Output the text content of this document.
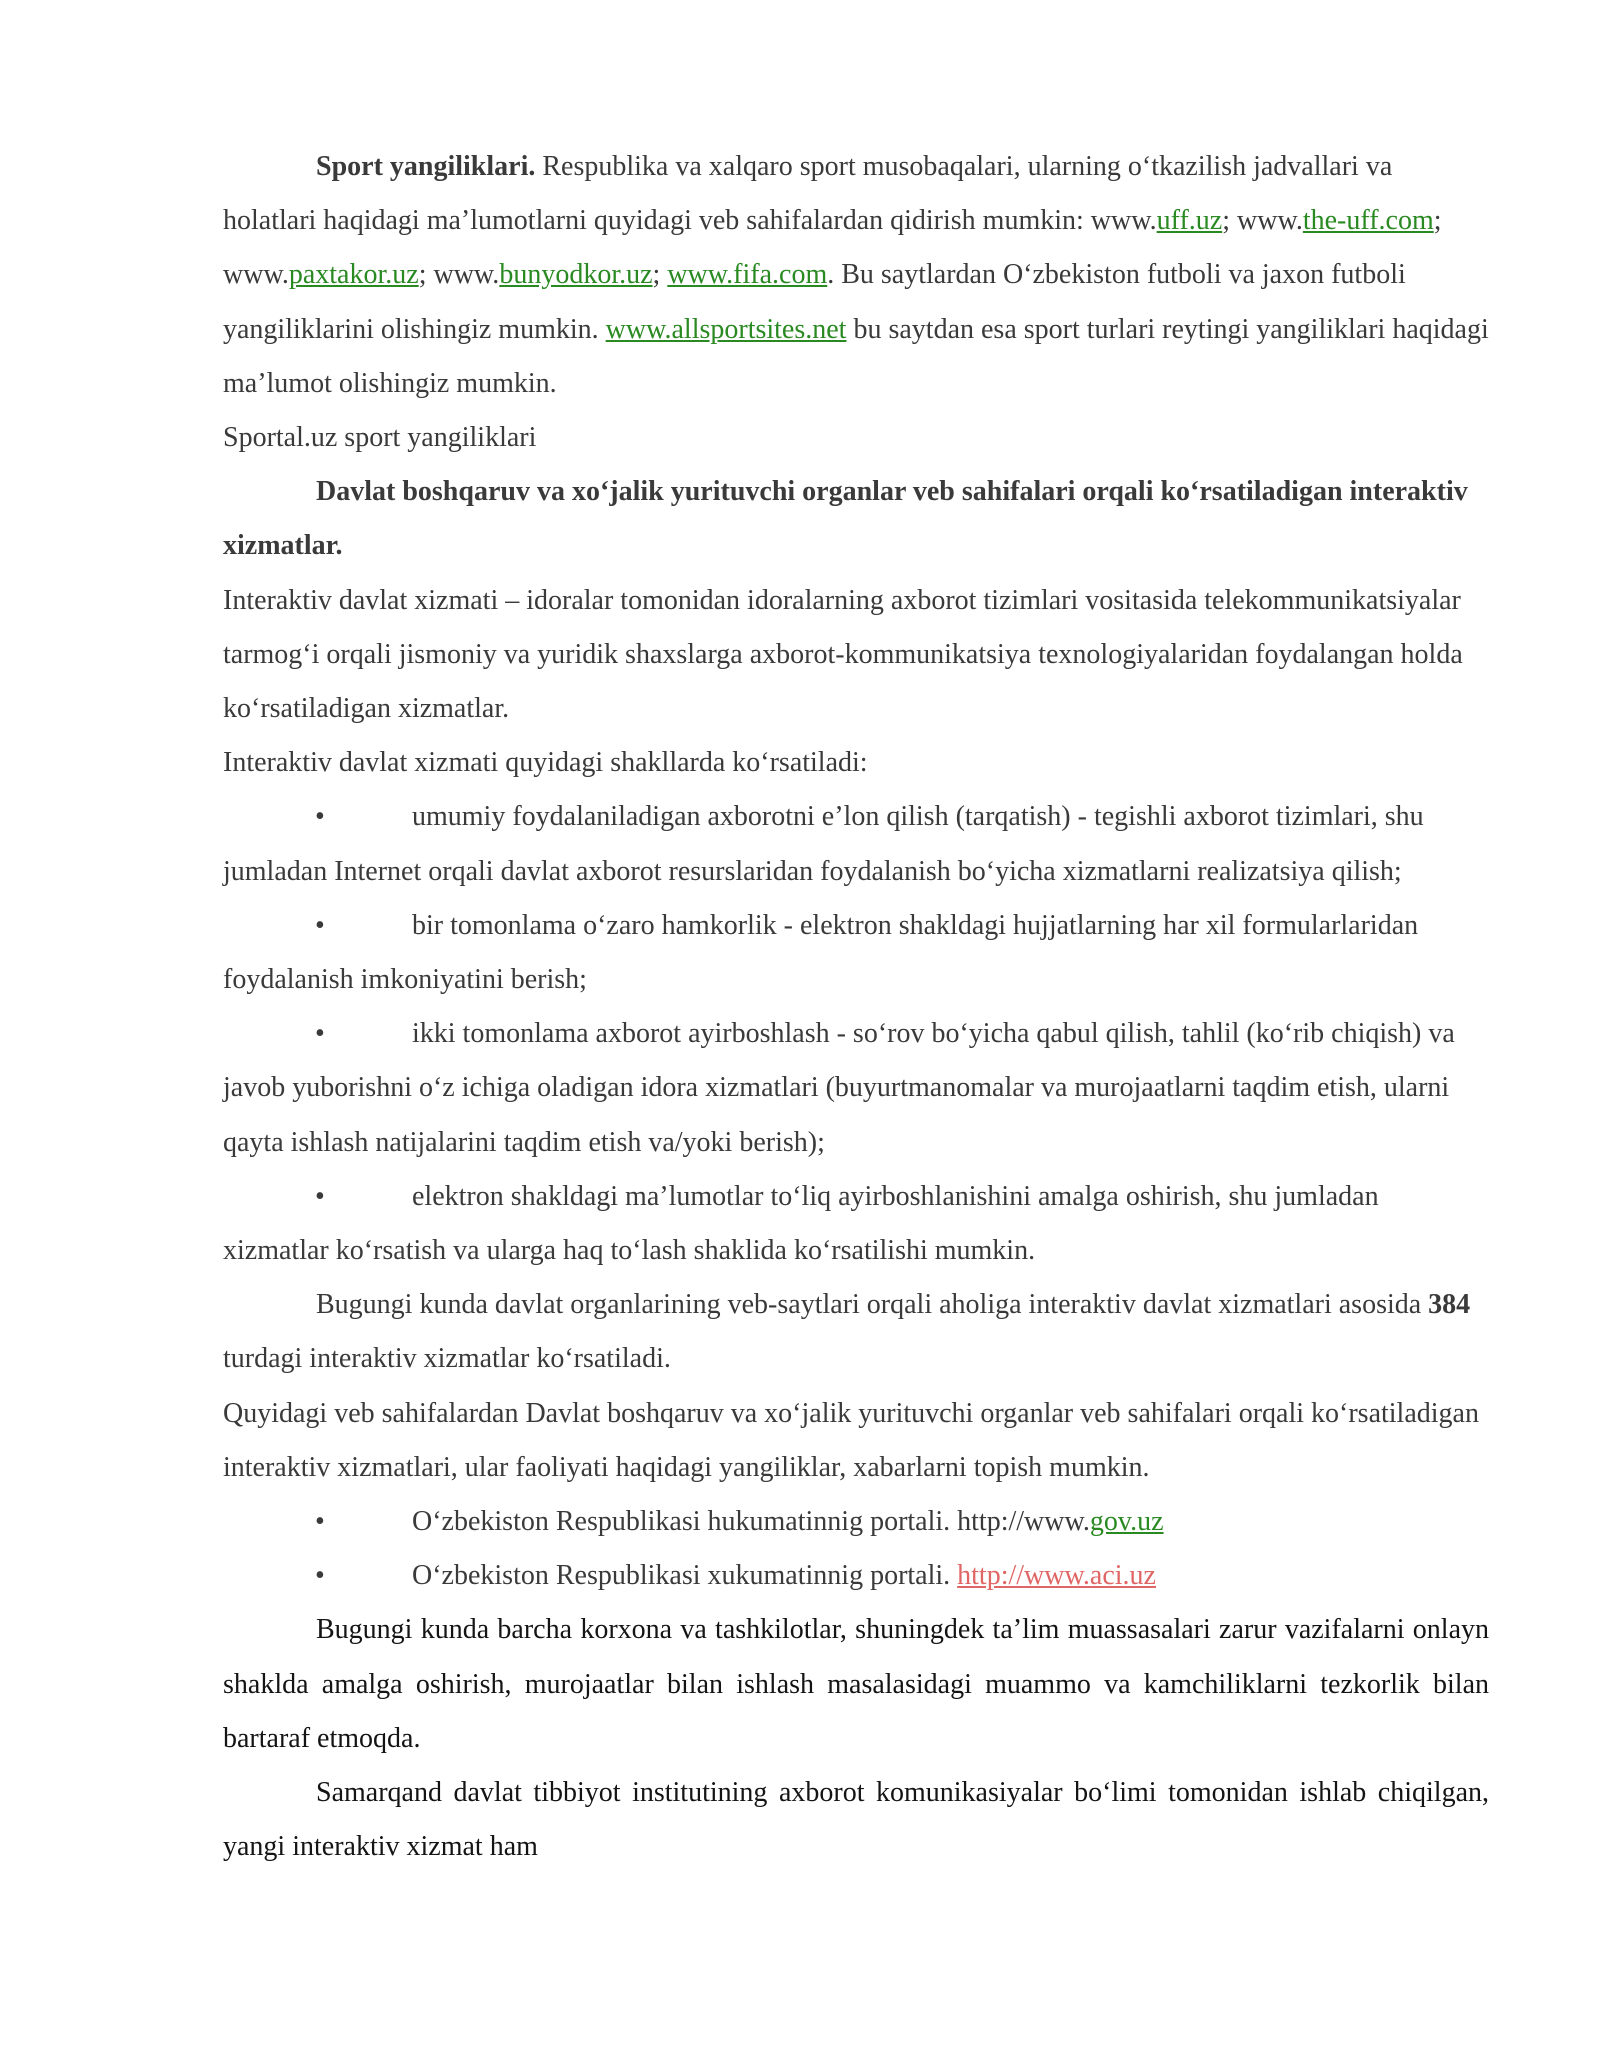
Sport yangiliklari. Respublika va xalqaro sport musobaqalari, ularning oʻtkazilish jadvallari va holatlari haqidagi maʼlumotlarni quyidagi veb sahifalardan qidirish mumkin: www.uff.uz; www.the-uff.com; www.paxtakor.uz; www.bunyodkor.uz; www.fifa.com. Bu saytlardan Oʻzbekiston futboli va jaxon futboli yangiliklarini olishingiz mumkin. www.allsportsites.net bu saytdan esa sport turlari reytingi yangiliklari haqidagi maʼlumot olishingiz mumkin.

Sportal.uz sport yangiliklari

Davlat boshqaruv va xoʻjalik yurituvchi organlar veb sahifalari orqali koʻrsatiladigan interaktiv xizmatlar.

Interaktiv davlat xizmati – idoralar tomonidan idoralarning axborot tizimlari vositasida telekommunikatsiyalar tarmogʻi orqali jismoniy va yuridik shaxslarga axborot-kommunikatsiya texnologiyalaridan foydalangan holda koʻrsatiladigan xizmatlar.

Interaktiv davlat xizmati quyidagi shakllarda koʻrsatiladi:

•	umumiy foydalaniladigan axborotni eʼlon qilish (tarqatish) - tegishli axborot tizimlari, shu jumladan Internet orqali davlat axborot resurslaridan foydalanish boʻyicha xizmatlarni realizatsiya qilish;

•	bir tomonlama oʻzaro hamkorlik - elektron shakldagi hujjatlarning har xil formularlaridan foydalanish imkoniyatini berish;

•	ikki tomonlama axborot ayirboshlash - soʻrov boʻyicha qabul qilish, tahlil (koʻrib chiqish) va javob yuborishni oʻz ichiga oladigan idora xizmatlari (buyurtmanomalar va murojaatlarni taqdim etish, ularni qayta ishlash natijalarini taqdim etish va/yoki berish);

•	elektron shakldagi maʼlumotlar toʻliq ayirboshlanishini amalga oshirish, shu jumladan xizmatlar koʻrsatish va ularga haq toʻlash shaklida koʻrsatilishi mumkin.

Bugungi kunda davlat organlarining veb-saytlari orqali aholiga interaktiv davlat xizmatlari asosida 384 turdagi interaktiv xizmatlar koʻrsatiladi.

Quyidagi veb sahifalardan Davlat boshqaruv va xoʻjalik yurituvchi organlar veb sahifalari orqali koʻrsatiladigan interaktiv xizmatlari, ular faoliyati haqidagi yangiliklar, xabarlarni topish mumkin.

•	Oʻzbekiston Respublikasi hukumatinnig portali. http://www.gov.uz

•	Oʻzbekiston Respublikasi xukumatinnig portali. http://www.aci.uz

Bugungi kunda barcha korxona va tashkilotlar, shuningdek taʼlim muassasalari zarur vazifalarni onlayn shaklda amalga oshirish, murojaatlar bilan ishlash masalasidagi muammo va kamchiliklarni tezkorlik bilan bartaraf etmoqda.

Samarqand davlat tibbiyot institutining axborot komunikasiyalar boʻlimi tomonidan ishlab chiqilgan, yangi interaktiv xizmat ham
